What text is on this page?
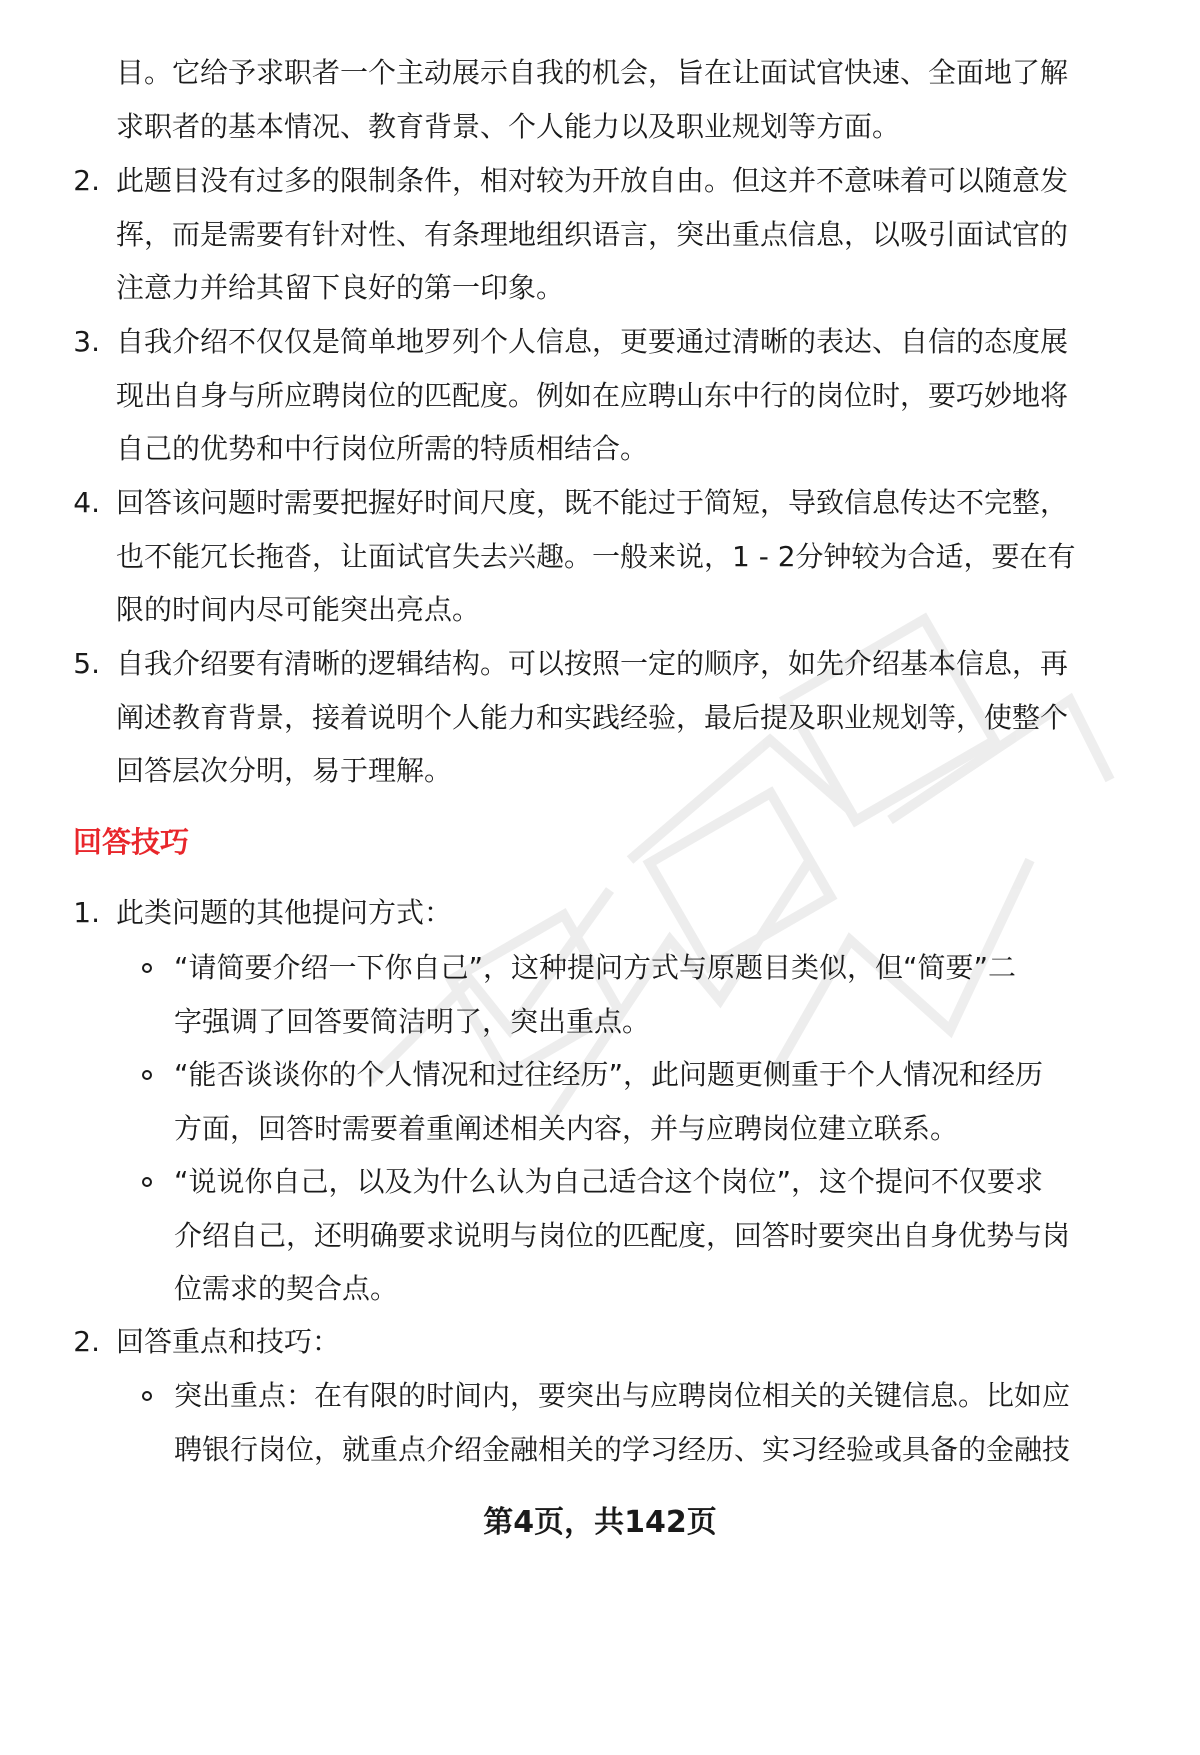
目。它给予求职者一个主动展示自我的机会，旨在让面试官快速、全面地了解
求职者的基本情况、教育背景、个人能力以及职业规划等方面。
2. 此题目没有过多的限制条件，相对较为开放自由。但这并不意味着可以随意发
挥，而是需要有针对性、有条理地组织语言，突出重点信息，以吸引面试官的
注意力并给其留下良好的第一印象。
3. 自我介绍不仅仅是简单地罗列个人信息，更要通过清晰的表达、自信的态度展
现出自身与所应聘岗位的匹配度。例如在应聘山东中行的岗位时，要巧妙地将
自己的优势和中行岗位所需的特质相结合。
4. 回答该问题时需要把握好时间尺度，既不能过于简短，导致信息传达不完整，
也不能冗长拖沓，让面试官失去兴趣。一般来说，1 - 2分钟较为合适，要在有
限的时间内尽可能突出亮点。
5. 自我介绍要有清晰的逻辑结构。可以按照一定的顺序，如先介绍基本信息，再
阐述教育背景，接着说明个人能力和实践经验，最后提及职业规划等，使整个
回答层次分明，易于理解。
回答技巧
1. 此类问题的其他提问方式：
“请简要介绍一下你自己”，这种提问方式与原题目类似，但“简要”二
字强调了回答要简洁明了，突出重点。
“能否谈谈你的个人情况和过往经历”，此问题更侧重于个人情况和经历
方面，回答时需要着重阐述相关内容，并与应聘岗位建立联系。
“说说你自己，以及为什么认为自己适合这个岗位”，这个提问不仅要求
介绍自己，还明确要求说明与岗位的匹配度，回答时要突出自身优势与岗
位需求的契合点。
2. 回答重点和技巧：
突出重点：在有限的时间内，要突出与应聘岗位相关的关键信息。比如应
聘银行岗位，就重点介绍金融相关的学习经历、实习经验或具备的金融技
第4页，共142页
